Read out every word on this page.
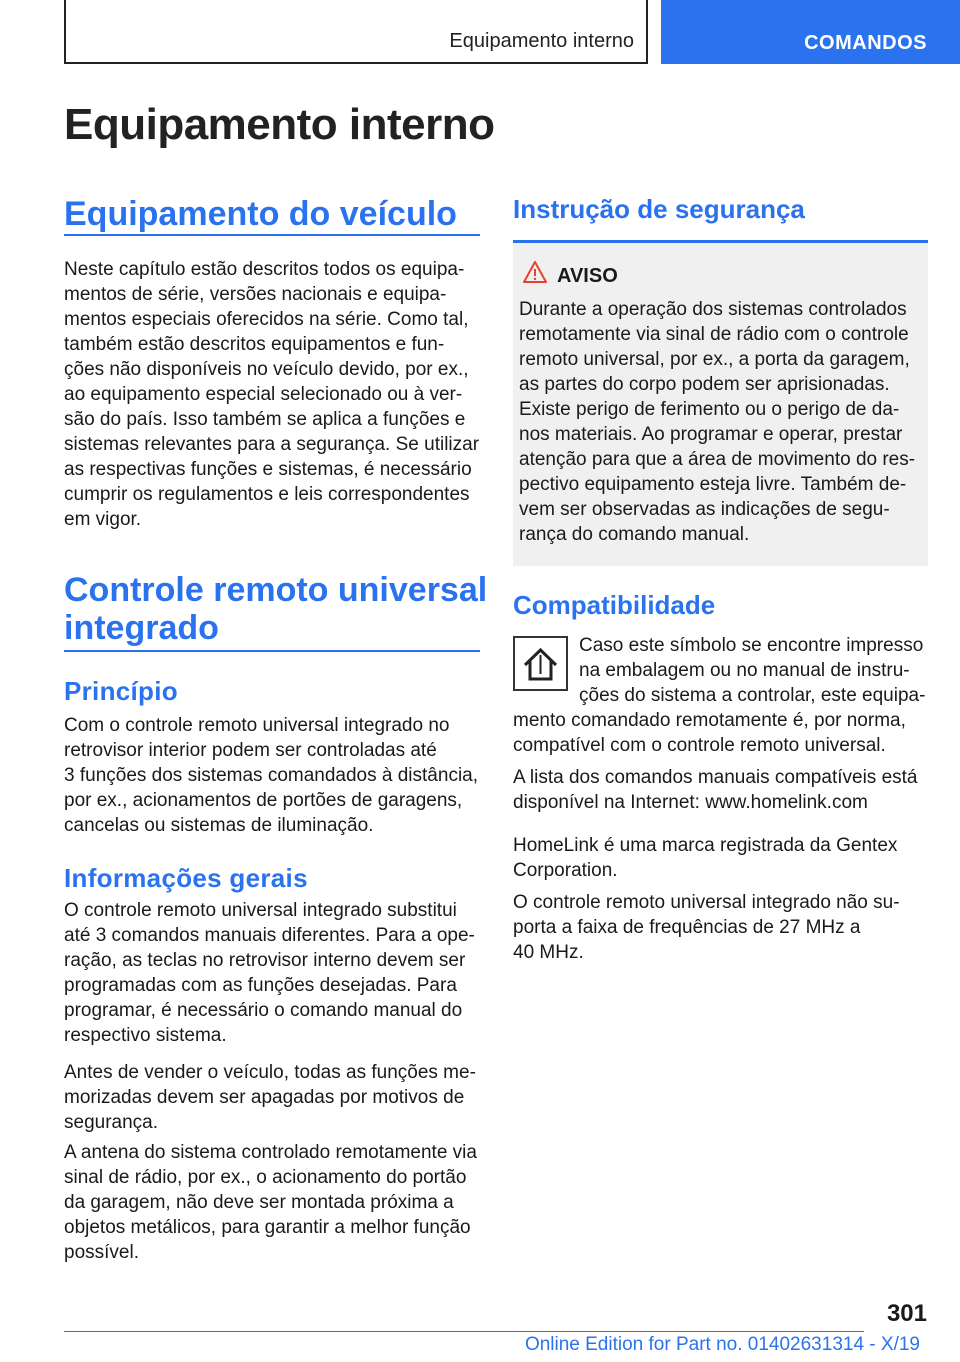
Equipamento interno	COMANDOS
Equipamento interno
Equipamento do veículo

Neste capítulo estão descritos todos os equipa-
mentos de série, versões nacionais e equipa-
mentos especiais oferecidos na série. Como tal,
também estão descritos equipamentos e fun-
ções não disponíveis no veículo devido, por ex.,
ao equipamento especial selecionado ou à ver-
são do país. Isso também se aplica a funções e
sistemas relevantes para a segurança. Se utilizar
as respectivas funções e sistemas, é necessário
cumprir os regulamentos e leis correspondentes
em vigor.

Controle remoto universal
integrado
Princípio

Com o controle remoto universal integrado no
retrovisor interior podem ser controladas até
3 funções dos sistemas comandados à distância,
por ex., acionamentos de portões de garagens,
cancelas ou sistemas de iluminação.

Informações gerais

O controle remoto universal integrado substitui
até 3 comandos manuais diferentes. Para a ope-
ração, as teclas no retrovisor interno devem ser
programadas com as funções desejadas. Para
programar, é necessário o comando manual do
respectivo sistema.

Antes de vender o veículo, todas as funções me-
morizadas devem ser apagadas por motivos de
segurança.

A antena do sistema controlado remotamente via
sinal de rádio, por ex., o acionamento do portão
da garagem, não deve ser montada próxima a
objetos metálicos, para garantir a melhor função
possível.

Instrução de segurança
AVISO

Durante a operação dos sistemas controlados
remotamente via sinal de rádio com o controle
remoto universal, por ex., a porta da garagem,
as partes do corpo podem ser aprisionadas.
Existe perigo de ferimento ou o perigo de da-
nos materiais. Ao programar e operar, prestar
atenção para que a área de movimento do res-
pectivo equipamento esteja livre. Também de-
vem ser observadas as indicações de segu-
rança do comando manual.

Compatibilidade

Caso este símbolo se encontre impresso
na embalagem ou no manual de instru-
ções do sistema a controlar, este equipa-

mento comandado remotamente é, por norma,
compatível com o controle remoto universal.

A lista dos comandos manuais compatíveis está
disponível na Internet: www.homelink.com

HomeLink é uma marca registrada da Gentex
Corporation.

O controle remoto universal integrado não su-
porta a faixa de frequências de 27 MHz a
40 MHz.

301
Online Edition for Part no. 01402631314 - X/19
